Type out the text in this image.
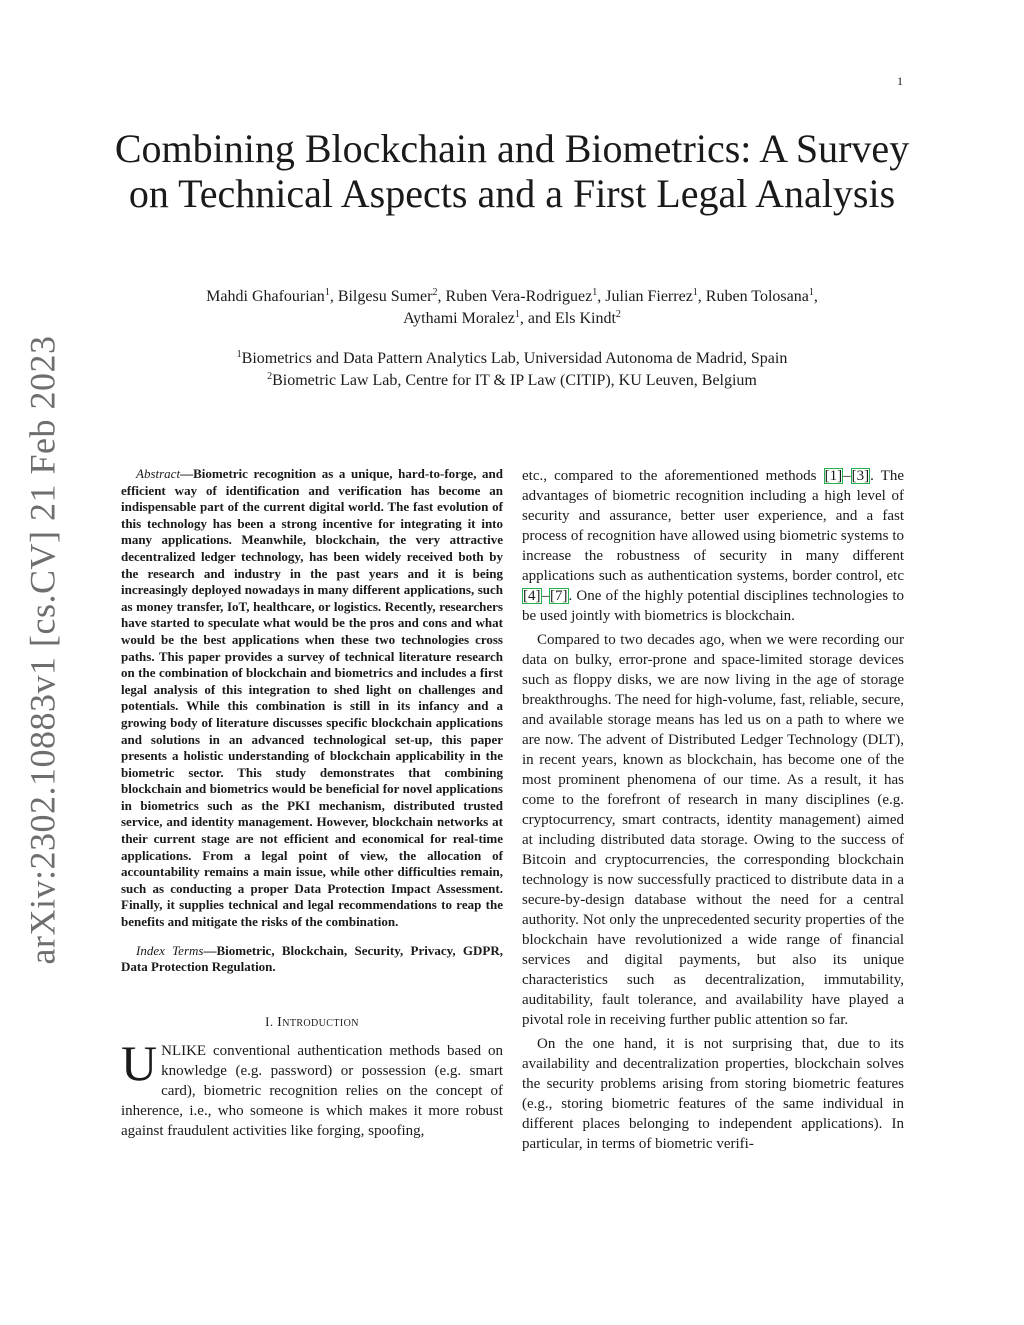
1
arXiv:2302.10883v1 [cs.CV] 21 Feb 2023
Combining Blockchain and Biometrics: A Survey on Technical Aspects and a First Legal Analysis
Mahdi Ghafourian$^1$, Bilgesu Sumer$^2$, Ruben Vera-Rodriguez$^1$, Julian Fierrez$^1$, Ruben Tolosana$^1$,
Aythami Moralez$^1$, and Els Kindt$^2$
$^1$Biometrics and Data Pattern Analytics Lab, Universidad Autonoma de Madrid, Spain
$^2$Biometric Law Lab, Centre for IT & IP Law (CITIP), KU Leuven, Belgium

Abstract—Biometric recognition as a unique, hard-to-forge, and efficient way of identification and verification has become an indispensable part of the current digital world. The fast evolution of this technology has been a strong incentive for integrating it into many applications. Meanwhile, blockchain, the very attractive decentralized ledger technology, has been widely received both by the research and industry in the past years and it is being increasingly deployed nowadays in many different applications, such as money transfer, IoT, healthcare, or logistics. Recently, researchers have started to speculate what would be the pros and cons and what would be the best applications when these two technologies cross paths. This paper provides a survey of technical literature research on the combination of blockchain and biometrics and includes a first legal analysis of this integration to shed light on challenges and potentials. While this combination is still in its infancy and a growing body of literature discusses specific blockchain applications and solutions in an advanced technological set-up, this paper presents a holistic understanding of blockchain applicability in the biometric sector. This study demonstrates that combining blockchain and biometrics would be beneficial for novel applications in biometrics such as the PKI mechanism, distributed trusted service, and identity management. However, blockchain networks at their current stage are not efficient and economical for real-time applications. From a legal point of view, the allocation of accountability remains a main issue, while other difficulties remain, such as conducting a proper Data Protection Impact Assessment. Finally, it supplies technical and legal recommendations to reap the benefits and mitigate the risks of the combination.

Index Terms—Biometric, Blockchain, Security, Privacy, GDPR, Data Protection Regulation.

I. Introduction

UNLIKE conventional authentication methods based on knowledge (e.g. password) or possession (e.g. smart card), biometric recognition relies on the concept of inherence, i.e., who someone is which makes it more robust against fraudulent activities like forging, spoofing,

etc., compared to the aforementioned methods [1]–[3]. The advantages of biometric recognition including a high level of security and assurance, better user experience, and a fast process of recognition have allowed using biometric systems to increase the robustness of security in many different applications such as authentication systems, border control, etc [4]–[7]. One of the highly potential disciplines technologies to be used jointly with biometrics is blockchain.

Compared to two decades ago, when we were recording our data on bulky, error-prone and space-limited storage devices such as floppy disks, we are now living in the age of storage breakthroughs. The need for high-volume, fast, reliable, secure, and available storage means has led us on a path to where we are now. The advent of Distributed Ledger Technology (DLT), in recent years, known as blockchain, has become one of the most prominent phenomena of our time. As a result, it has come to the forefront of research in many disciplines (e.g. cryptocurrency, smart contracts, identity management) aimed at including distributed data storage. Owing to the success of Bitcoin and cryptocurrencies, the corresponding blockchain technology is now successfully practiced to distribute data in a secure-by-design database without the need for a central authority. Not only the unprecedented security properties of the blockchain have revolutionized a wide range of financial services and digital payments, but also its unique characteristics such as decentralization, immutability, auditability, fault tolerance, and availability have played a pivotal role in receiving further public attention so far.

On the one hand, it is not surprising that, due to its availability and decentralization properties, blockchain solves the security problems arising from storing biometric features (e.g., storing biometric features of the same individual in different places belonging to independent applications). In particular, in terms of biometric verifi-
